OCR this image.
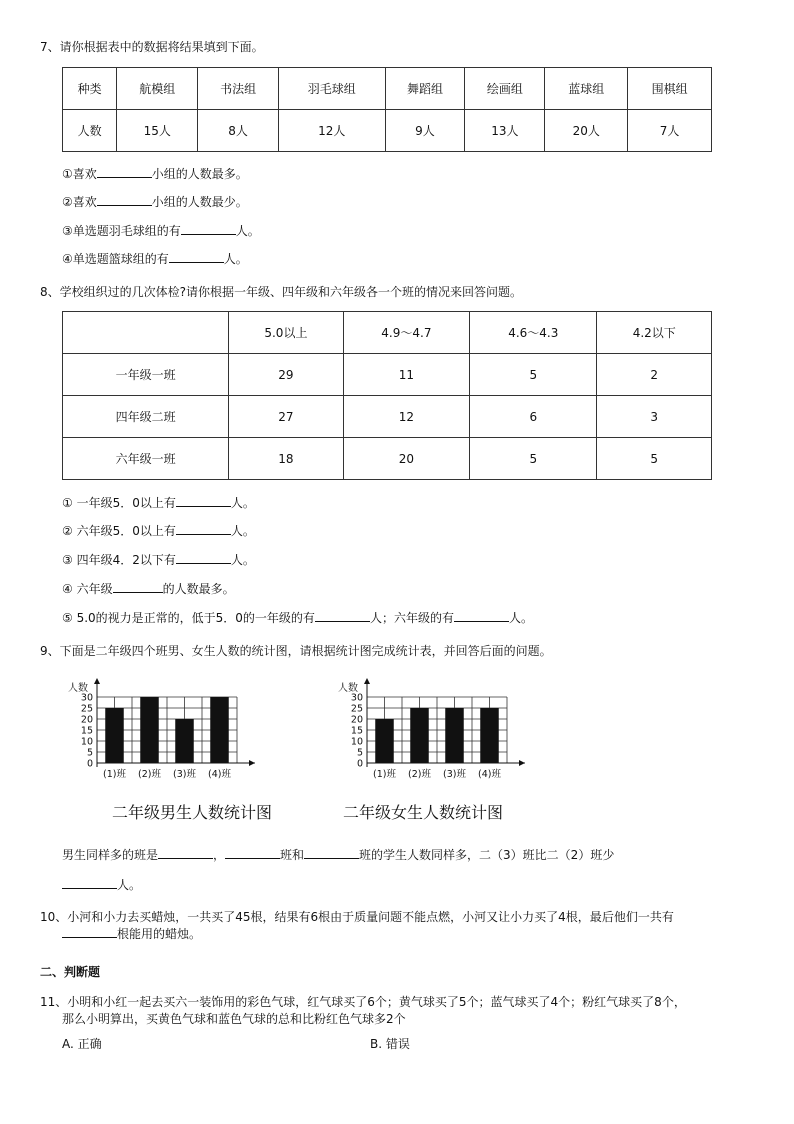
7、请你根据表中的数据将结果填到下面。
种类	航模组	书法组	羽毛球组	舞蹈组	绘画组	蓝球组	围棋组
人数	15人	8人	12人	9人	13人	20人	7人
①喜欢	小组的人数最多。
②喜欢	小组的人数最少。
③单选题羽毛球组的有	人。
④单选题篮球组的有	人。
8、学校组织过的几次体检?请你根据一年级、四年级和六年级各一个班的情况来回答问题。
	5.0以上	4.9～4.7	4.6～4.3	4.2以下
一年级一班	29	11	5	2
四年级二班	27	12	6	3
六年级一班	18	20	5	5
① 一年级5．0以上有	人。
② 六年级5．0以上有	人。
③ 四年级4．2以下有	人。
④ 六年级	的人数最多。
⑤ 5.0的视力是正常的，低于5．0的一年级的有	人；六年级的有	人。
9、下面是二年级四个班男、女生人数的统计图，请根据统计图完成统计表，并回答后面的问题。
30
25
20
15
10
5
0
人数
(1)班 (2)班 (3)班 (4)班
30
25
20
15
10
5
0
人数
(1)班 (2)班 (3)班 (4)班
二年级男生人数统计图	二年级女生人数统计图
男生同样多的班是	，	班和	班的学生人数同样多，二（3）班比二（2）班少
人。
10、小河和小力去买蜡烛，一共买了45根，结果有6根由于质量问题不能点燃，小河又让小力买了4根，最后他们一共有
根能用的蜡烛。
二、判断题
11、小明和小红一起去买六一装饰用的彩色气球，红气球买了6个；黄气球买了5个；蓝气球买了4个；粉红气球买了8个，
那么小明算出，买黄色气球和蓝色气球的总和比粉红色气球多2个
A. 正确	B. 错误
